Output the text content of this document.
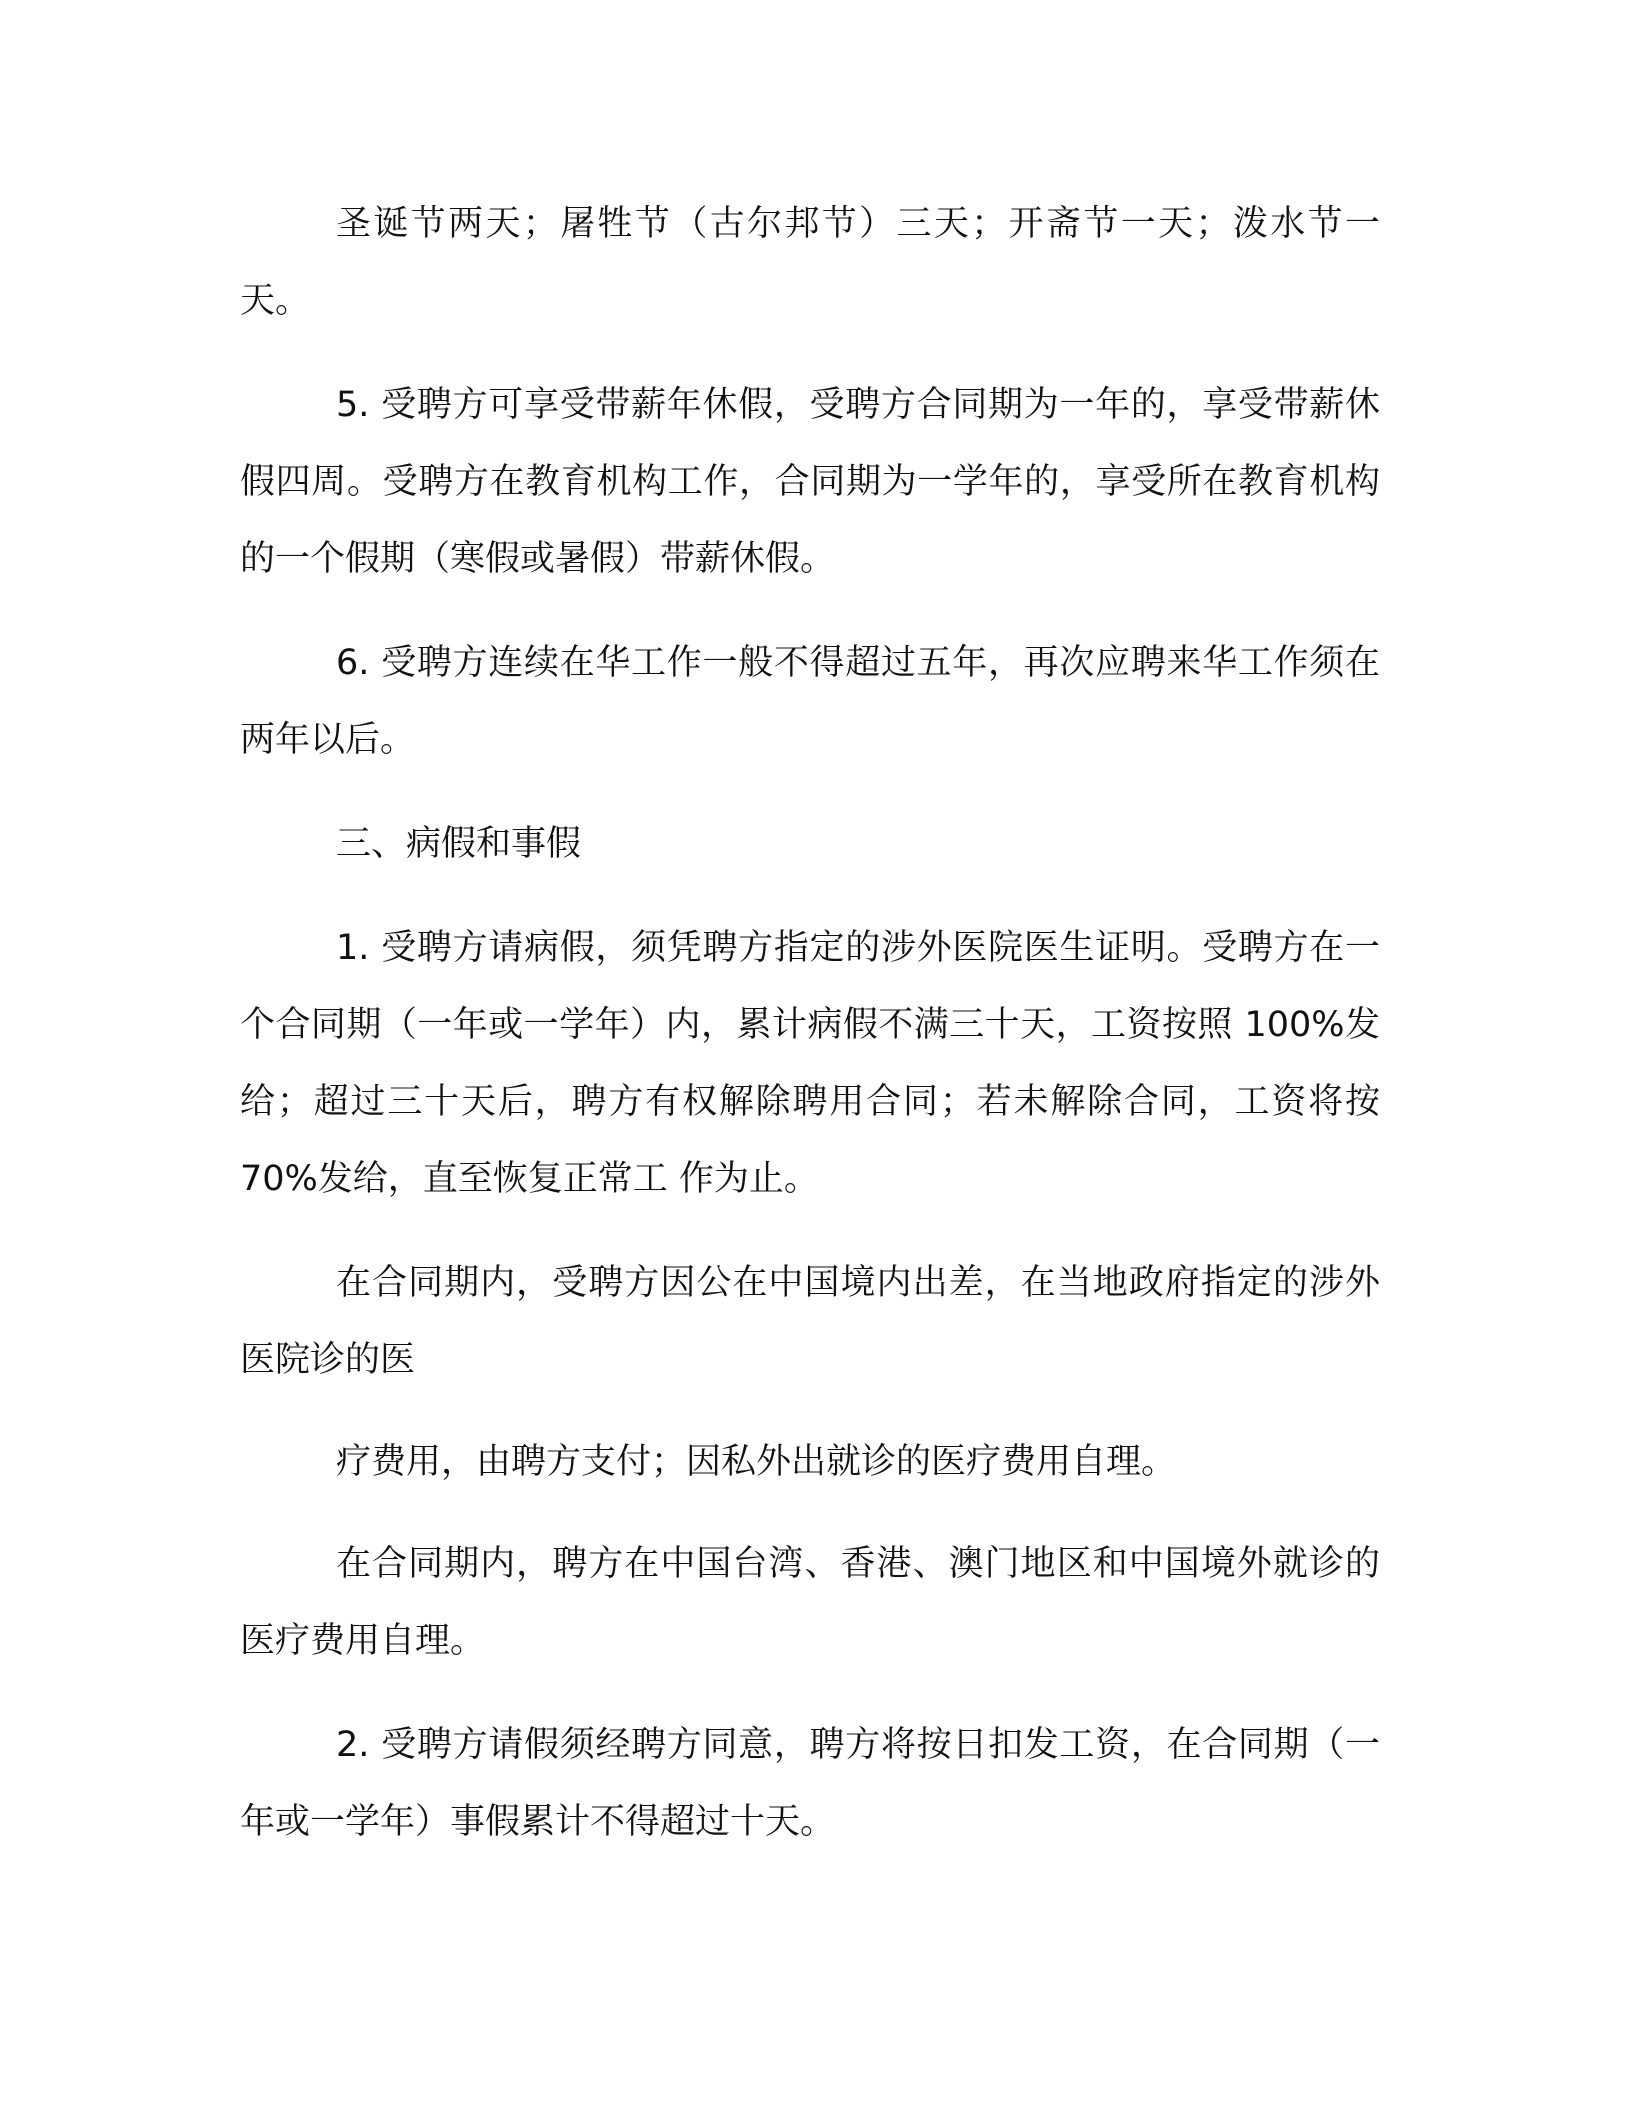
圣诞节两天；屠牲节（古尔邦节）三天；开斋节一天；泼水节一天。

5. 受聘方可享受带薪年休假，受聘方合同期为一年的，享受带薪休假四周。受聘方在教育机构工作，合同期为一学年的，享受所在教育机构的一个假期（寒假或暑假）带薪休假。

6. 受聘方连续在华工作一般不得超过五年，再次应聘来华工作须在两年以后。

三、病假和事假

1. 受聘方请病假，须凭聘方指定的涉外医院医生证明。受聘方在一个合同期（一年或一学年）内，累计病假不满三十天，工资按照 100%发给；超过三十天后，聘方有权解除聘用合同；若未解除合同，工资将按 70%发给，直至恢复正常工 作为止。

在合同期内，受聘方因公在中国境内出差，在当地政府指定的涉外医院诊的医

疗费用，由聘方支付；因私外出就诊的医疗费用自理。

在合同期内，聘方在中国台湾、香港、澳门地区和中国境外就诊的医疗费用自理。

2. 受聘方请假须经聘方同意，聘方将按日扣发工资，在合同期（一年或一学年）事假累计不得超过十天。
